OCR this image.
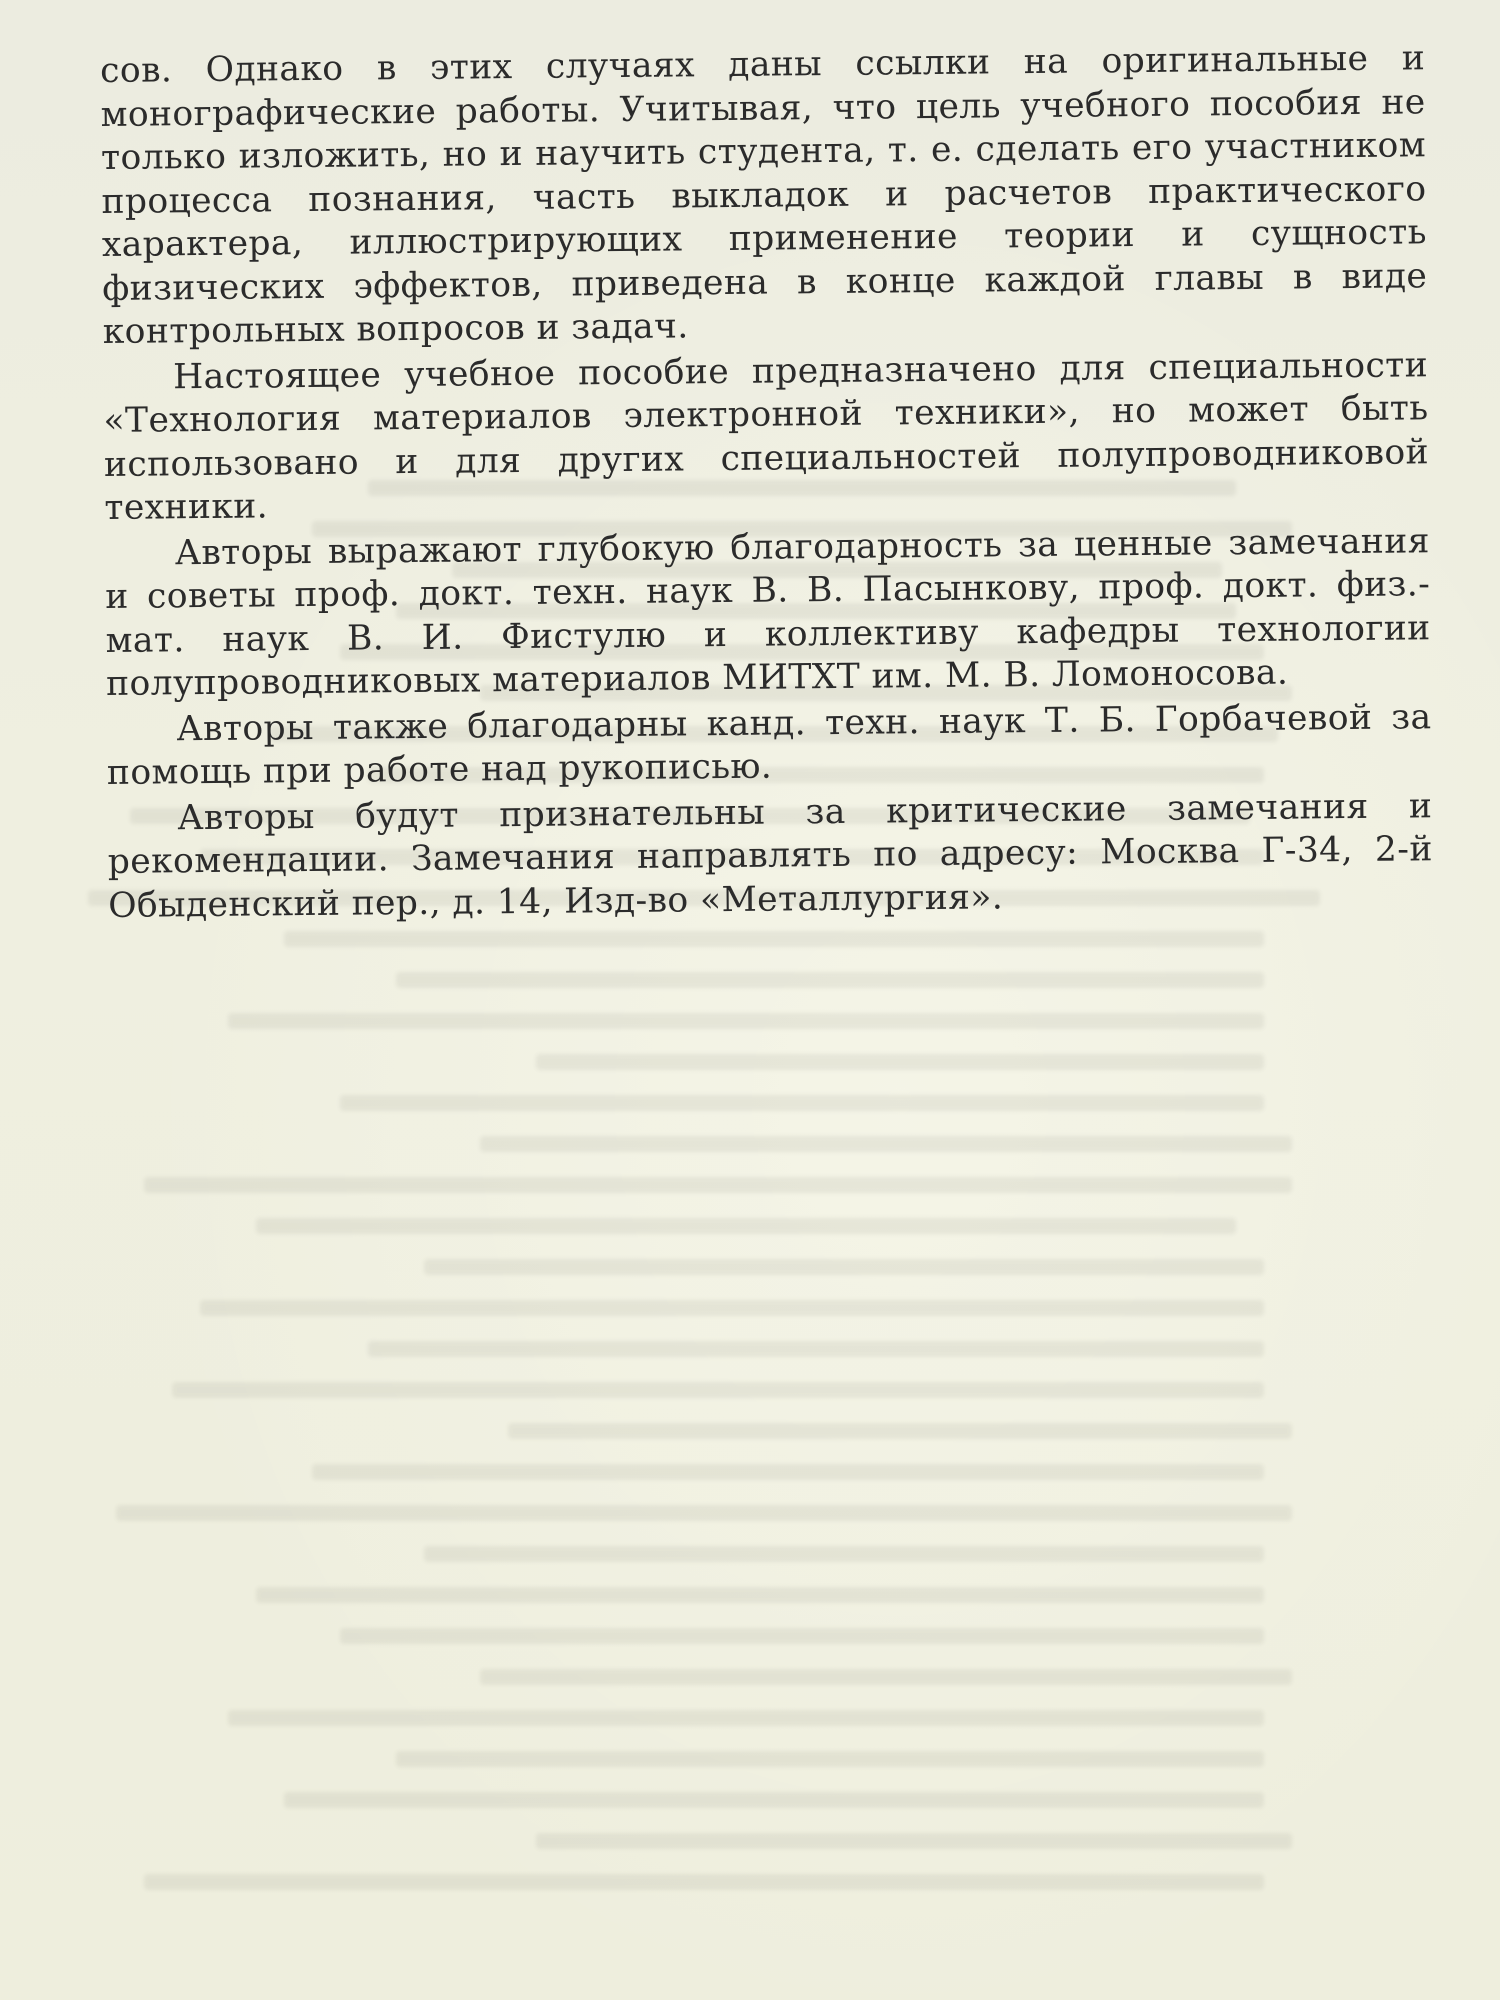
сов. Однако в этих случаях даны ссылки на оригинальные и монографические работы. Учитывая, что цель учебного пособия не только изложить, но и научить студента, т. е. сделать его участником процесса познания, часть выкладок и расчетов практического характера, иллюстрирующих применение теории и сущность физических эффектов, приведена в конце каждой главы в виде контрольных вопросов и задач.

Настоящее учебное пособие предназначено для специальности «Технология материалов электронной техники», но может быть использовано и для других специальностей полупроводниковой техники.

Авторы выражают глубокую благодарность за ценные замечания и советы проф. докт. техн. наук В. В. Пасынкову, проф. докт. физ.-мат. наук В. И. Фистулю и коллективу кафедры технологии полупроводниковых материалов МИТХТ им. М. В. Ломоносова.

Авторы также благодарны канд. техн. наук Т. Б. Горбачевой за помощь при работе над рукописью.

Авторы будут признательны за критические замечания и рекомендации. Замечания направлять по адресу: Москва Г-34, 2-й Обыденский пер., д. 14, Изд-во «Металлургия».
